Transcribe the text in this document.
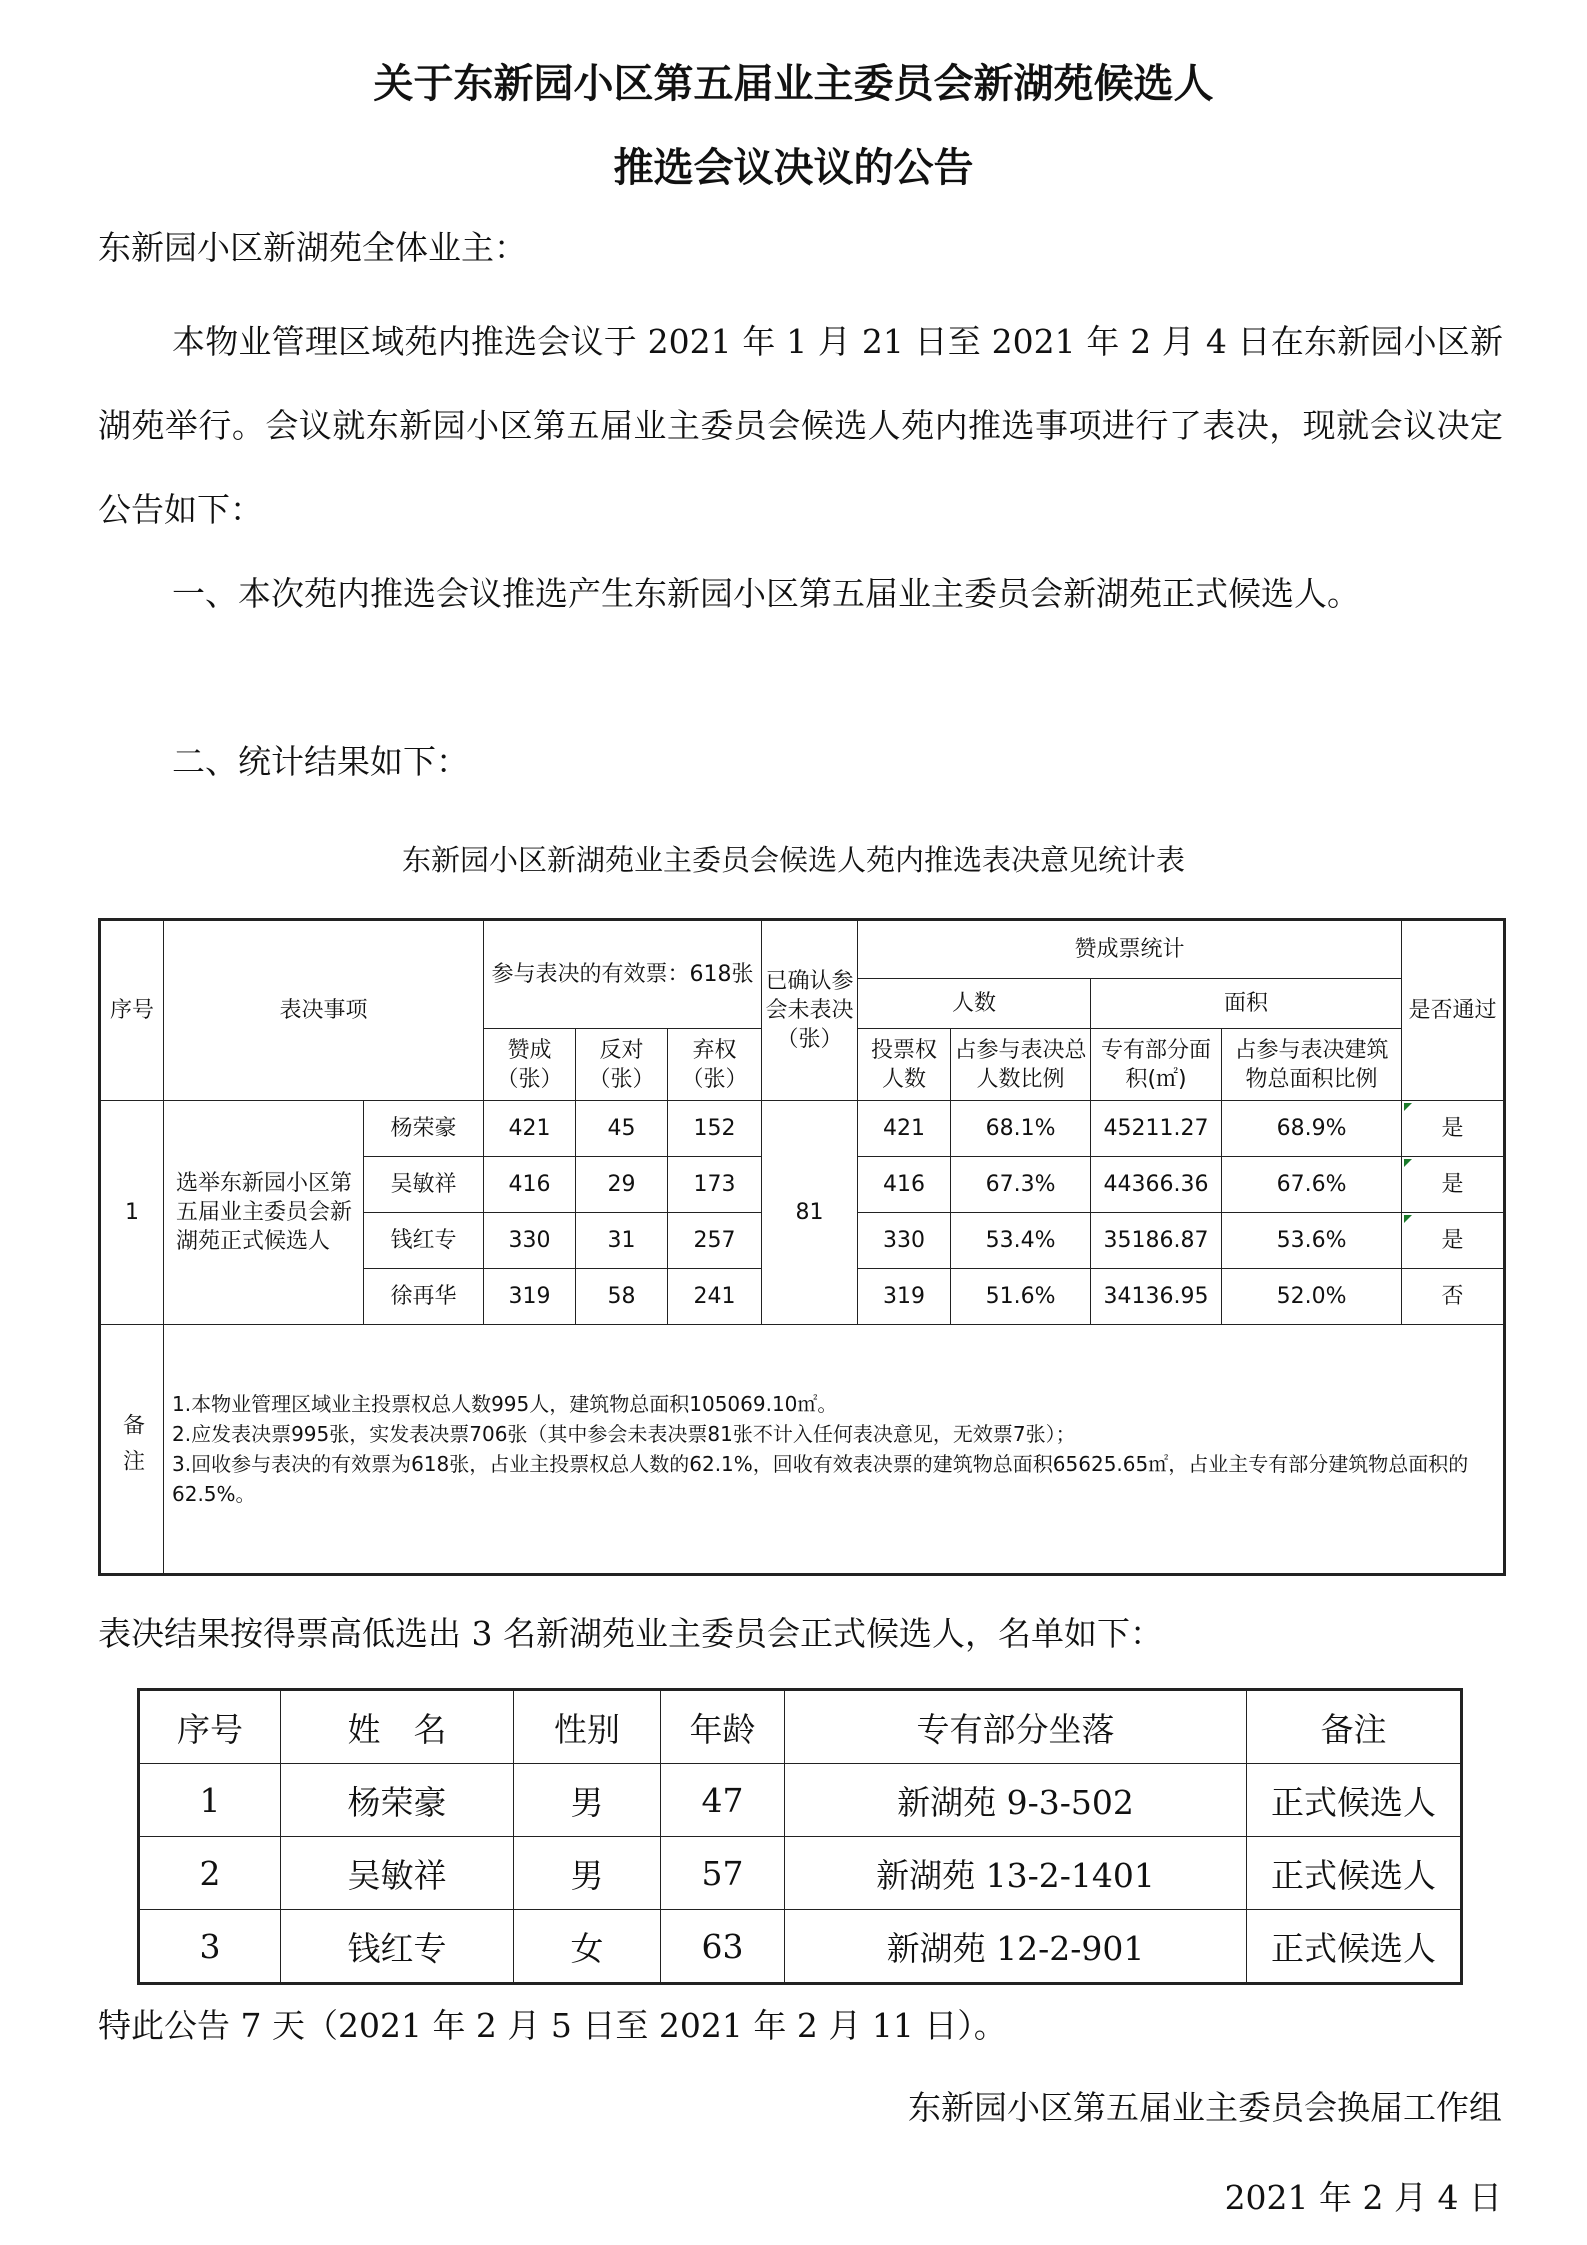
关于东新园小区第五届业主委员会新湖苑候选人
推选会议决议的公告

东新园小区新湖苑全体业主：

本物业管理区域苑内推选会议于 2021 年 1 月 21 日至 2021 年 2 月 4 日在东新园小区新湖苑举行。会议就东新园小区第五届业主委员会候选人苑内推选事项进行了表决，现就会议决定公告如下：

一、本次苑内推选会议推选产生东新园小区第五届业主委员会新湖苑正式候选人。

二、统计结果如下：

东新园小区新湖苑业主委员会候选人苑内推选表决意见统计表
序号	表决事项		参与表决的有效票：618张			已确认参会未表决（张）	赞成票统计				是否通过
							人数		面积		
			赞成（张）	反对（张）	弃权（张）		投票权人数	占参与表决总人数比例	专有部分面积(㎡)	占参与表决建筑物总面积比例	
1	选举东新园小区第五届业主委员会新湖苑正式候选人	杨荣豪	421	45	152	81	421	68.1%	45211.27	68.9%	是
		吴敏祥	416	29	173		416	67.3%	44366.36	67.6%	是
		钱红专	330	31	257		330	53.4%	35186.87	53.6%	是
		徐再华	319	58	241		319	51.6%	34136.95	52.0%	否
备注	1.本物业管理区域业主投票权总人数995人，建筑物总面积105069.10㎡。
2.应发表决票995张，实发表决票706张（其中参会未表决票81张不计入任何表决意见，无效票7张）；
3.回收参与表决的有效票为618张，占业主投票权总人数的62.1%，回收有效表决票的建筑物总面积65625.65㎡，占业主专有部分建筑物总面积的62.5%。										

表决结果按得票高低选出 3 名新湖苑业主委员会正式候选人，名单如下：

序号	姓　名	性别	年龄	专有部分坐落	备注
1	杨荣豪	男	47	新湖苑 9-3-502	正式候选人
2	吴敏祥	男	57	新湖苑 13-2-1401	正式候选人
3	钱红专	女	63	新湖苑 12-2-901	正式候选人

特此公告 7 天（2021 年 2 月 5 日至 2021 年 2 月 11 日）。

东新园小区第五届业主委员会换届工作组
2021 年 2 月 4 日
